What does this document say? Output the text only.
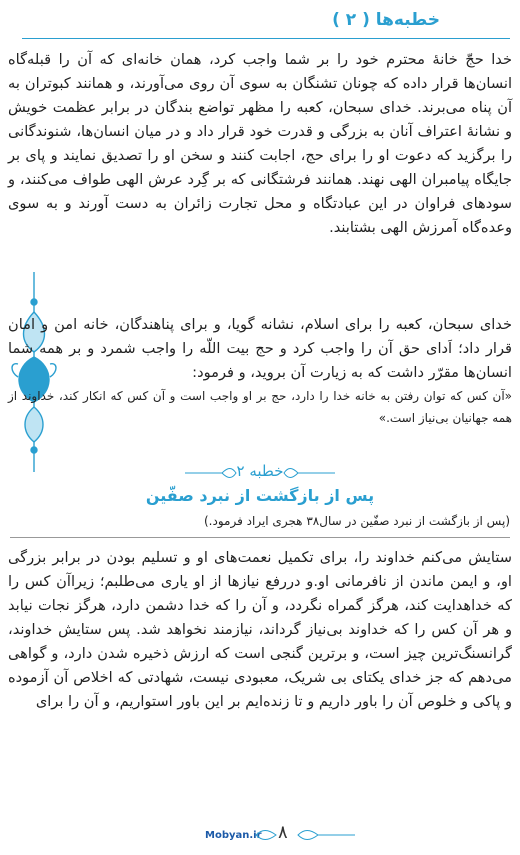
خطبه‌ها ( ۲ )

خدا حجّ خانۀ محترم خود را بر شما واجب کرد، همان خانه‌ای که آن را قبله‌گاه انسان‌ها قرار داده که چونان تشنگان به سوی آن روی می‌آورند، و همانند کبوتران به آن پناه می‌برند. خدای سبحان، کعبه را مظهر تواضع بندگان در برابر عظمت خویش و نشانۀ اعتراف آنان به بزرگی و قدرت خود قرار داد و در میان انسان‌ها، شنوندگانی را برگزید که دعوت او را برای حج، اجابت کنند و سخن او را تصدیق نمایند و پای بر جایگاه پیامبران الهی نهند. همانند فرشتگانی که بر گِرد عرش الهی طواف می‌کنند، و سودهای فراوان در این عبادتگاه و محل تجارت زائران به دست آورند و به سوی وعده‌گاه آمرزش الهی بشتابند.

خدای سبحان، کعبه را برای اسلام، نشانه گویا، و برای پناهندگان، خانه امن و امان قرار داد؛ اَدای حق آن را واجب کرد و حج بیت اللّه را واجب شمرد و بر همه شما انسان‌ها مقرّر داشت که به زیارت آن بروید، و فرمود:

«آن کس که توان رفتن به خانه خدا را دارد، حج بر او واجب است و آن کس که انکار کند، خداوند از همه جهانیان بی‌نیاز است.»
خطبه ۲
پس از بازگشت از نبرد صفّین
(پس از بازگشت از نبرد صفّین در سال۳۸ هجری ایراد فرمود.)

ستایش می‌کنم خداوند را، برای تکمیل نعمت‌های او و تسلیم بودن در برابر بزرگی او، و ایمن ماندن از نافرمانی او.و دررفع نیازها از او یاری می‌طلبم؛ زیرا‌آن کس را که خداهدایت کند، هرگز گمراه نگردد، و آن را که خدا دشمن دارد، هرگز نجات نیابد و هر آن کس را که خداوند بی‌نیاز گرداند، نیازمند نخواهد شد. پس ستایش خداوند، گرانسنگ‌ترین چیز است، و برترین گنجی است که ارزش ذخیره شدن دارد، و گواهی می‌دهم که جز خدای یکتای بی شریک، معبودی نیست، شهادتی که اخلاص آن آزموده و پاکی و خلوص آن را باور داریم و تا زنده‌ایم بر این باور استواریم، و آن را برای

Mobyan.ir ۸
